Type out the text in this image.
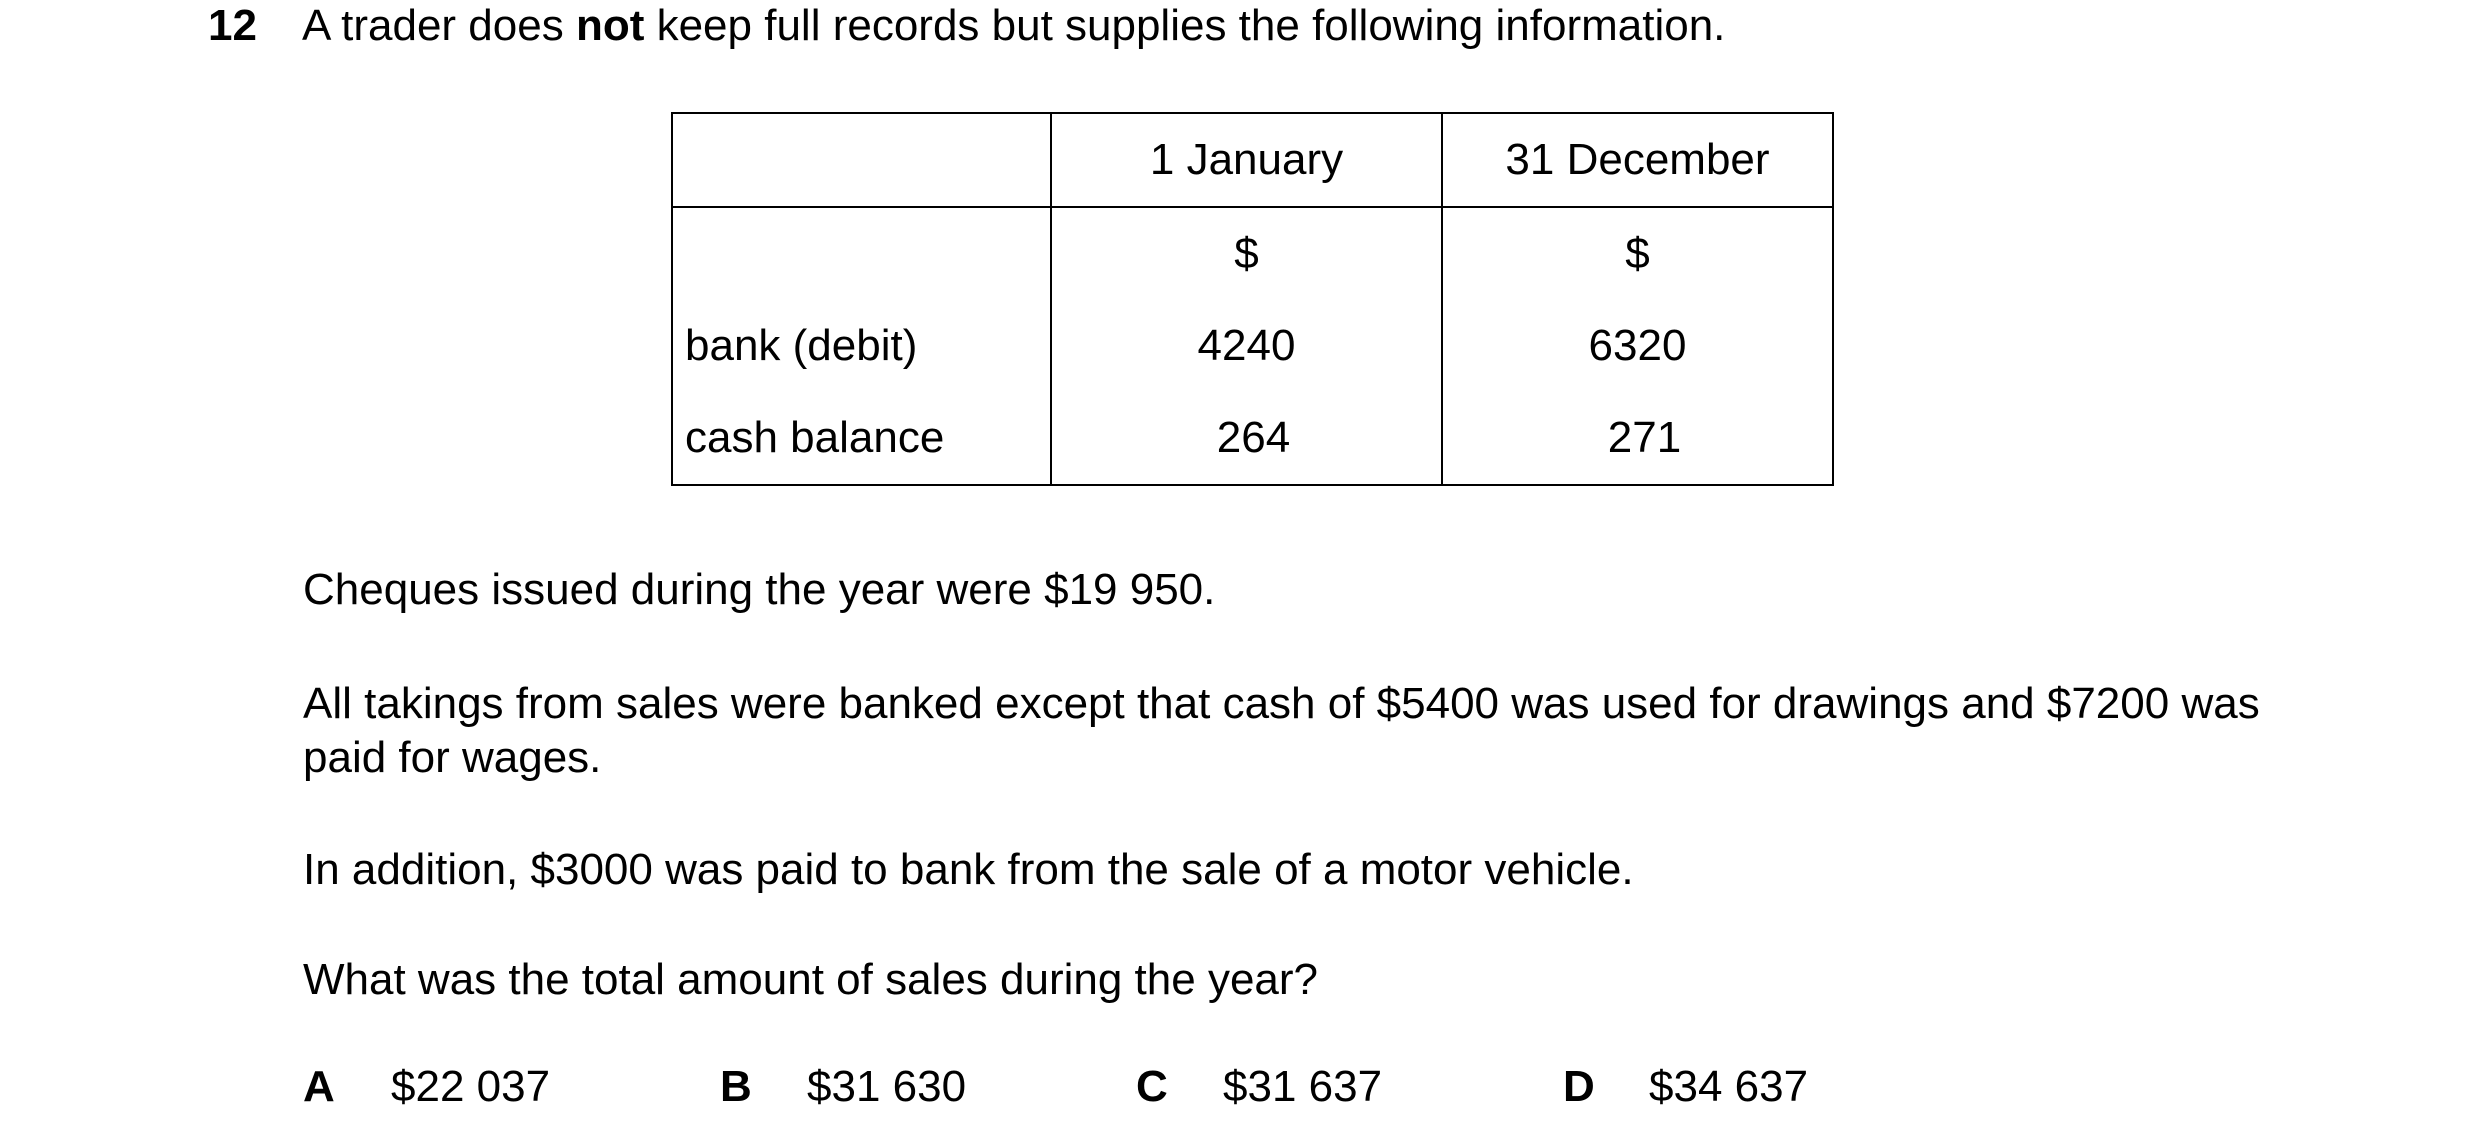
12 A trader does not keep full records but supplies the following information.
	1 January	31 December
	$	$
bank (debit)	4240	6320
cash balance	264	271
Cheques issued during the year were $19 950.
All takings from sales were banked except that cash of $5400 was used for drawings and $7200 was paid for wages.
In addition, $3000 was paid to bank from the sale of a motor vehicle.
What was the total amount of sales during the year?
A $22 037	B $31 630	C $31 637	D $34 637
